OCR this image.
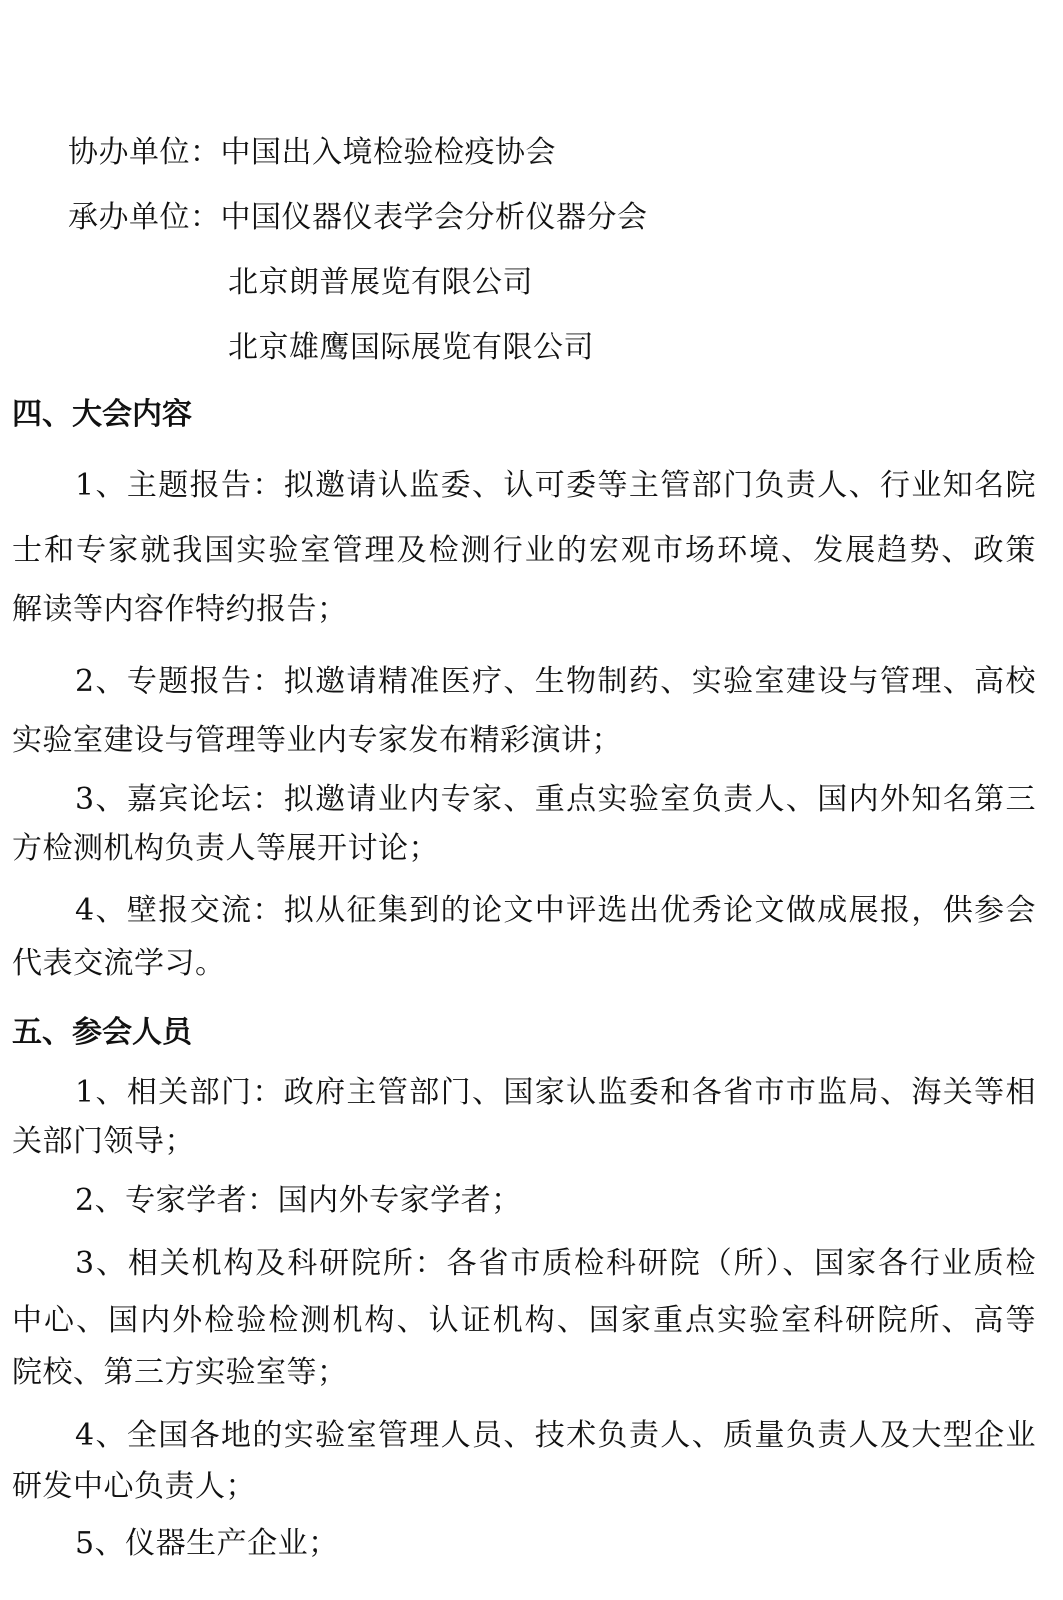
协办单位：中国出入境检验检疫协会
承办单位：中国仪器仪表学会分析仪器分会
北京朗普展览有限公司
北京雄鹰国际展览有限公司
四、大会内容
1、主题报告：拟邀请认监委、认可委等主管部门负责人、行业知名院
士和专家就我国实验室管理及检测行业的宏观市场环境、发展趋势、政策
解读等内容作特约报告；
2、专题报告：拟邀请精准医疗、生物制药、实验室建设与管理、高校
实验室建设与管理等业内专家发布精彩演讲；
3、嘉宾论坛：拟邀请业内专家、重点实验室负责人、国内外知名第三
方检测机构负责人等展开讨论；
4、壁报交流：拟从征集到的论文中评选出优秀论文做成展报，供参会
代表交流学习。
五、参会人员
1、相关部门：政府主管部门、国家认监委和各省市市监局、海关等相
关部门领导；
2、专家学者：国内外专家学者；
3、相关机构及科研院所：各省市质检科研院（所）、国家各行业质检
中心、国内外检验检测机构、认证机构、国家重点实验室科研院所、高等
院校、第三方实验室等；
4、全国各地的实验室管理人员、技术负责人、质量负责人及大型企业
研发中心负责人；
5、仪器生产企业；
